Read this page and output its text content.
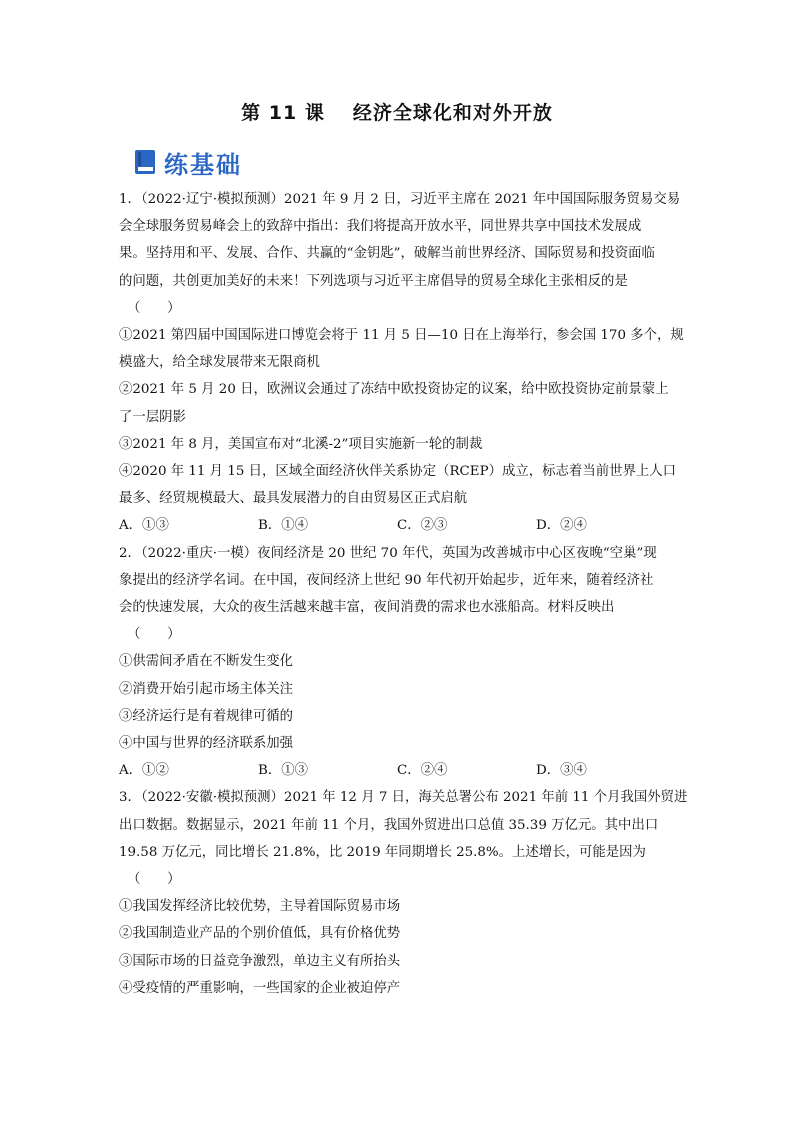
第 11 课 经济全球化和对外开放
练基础
1．（2022·辽宁·模拟预测）2021 年 9 月 2 日，习近平主席在 2021 年中国国际服务贸易交易
会全球服务贸易峰会上的致辞中指出：我们将提高开放水平，同世界共享中国技术发展成
果。坚持用和平、发展、合作、共赢的“金钥匙”，破解当前世界经济、国际贸易和投资面临
的问题，共创更加美好的未来！下列选项与习近平主席倡导的贸易全球化主张相反的是
（　　）
①2021 第四届中国国际进口博览会将于 11 月 5 日—10 日在上海举行，参会国 170 多个，规
模盛大，给全球发展带来无限商机
②2021 年 5 月 20 日，欧洲议会通过了冻结中欧投资协定的议案，给中欧投资协定前景蒙上
了一层阴影
③2021 年 8 月，美国宣布对“北溪-2”项目实施新一轮的制裁
④2020 年 11 月 15 日，区域全面经济伙伴关系协定（RCEP）成立，标志着当前世界上人口
最多、经贸规模最大、最具发展潜力的自由贸易区正式启航
A．①③	B．①④	C．②③	D．②④
2．（2022·重庆·一模）夜间经济是 20 世纪 70 年代，英国为改善城市中心区夜晚“空巢”现
象提出的经济学名词。在中国，夜间经济上世纪 90 年代初开始起步，近年来，随着经济社
会的快速发展，大众的夜生活越来越丰富，夜间消费的需求也水涨船高。材料反映出
（　　）
①供需间矛盾在不断发生变化
②消费开始引起市场主体关注
③经济运行是有着规律可循的
④中国与世界的经济联系加强
A．①②	B．①③	C．②④	D．③④
3．（2022·安徽·模拟预测）2021 年 12 月 7 日，海关总署公布 2021 年前 11 个月我国外贸进
出口数据。数据显示，2021 年前 11 个月，我国外贸进出口总值 35.39 万亿元。其中出口
19.58 万亿元，同比增长 21.8%，比 2019 年同期增长 25.8%。上述增长，可能是因为
（　　）
①我国发挥经济比较优势，主导着国际贸易市场
②我国制造业产品的个别价值低，具有价格优势
③国际市场的日益竞争激烈，单边主义有所抬头
④受疫情的严重影响，一些国家的企业被迫停产
